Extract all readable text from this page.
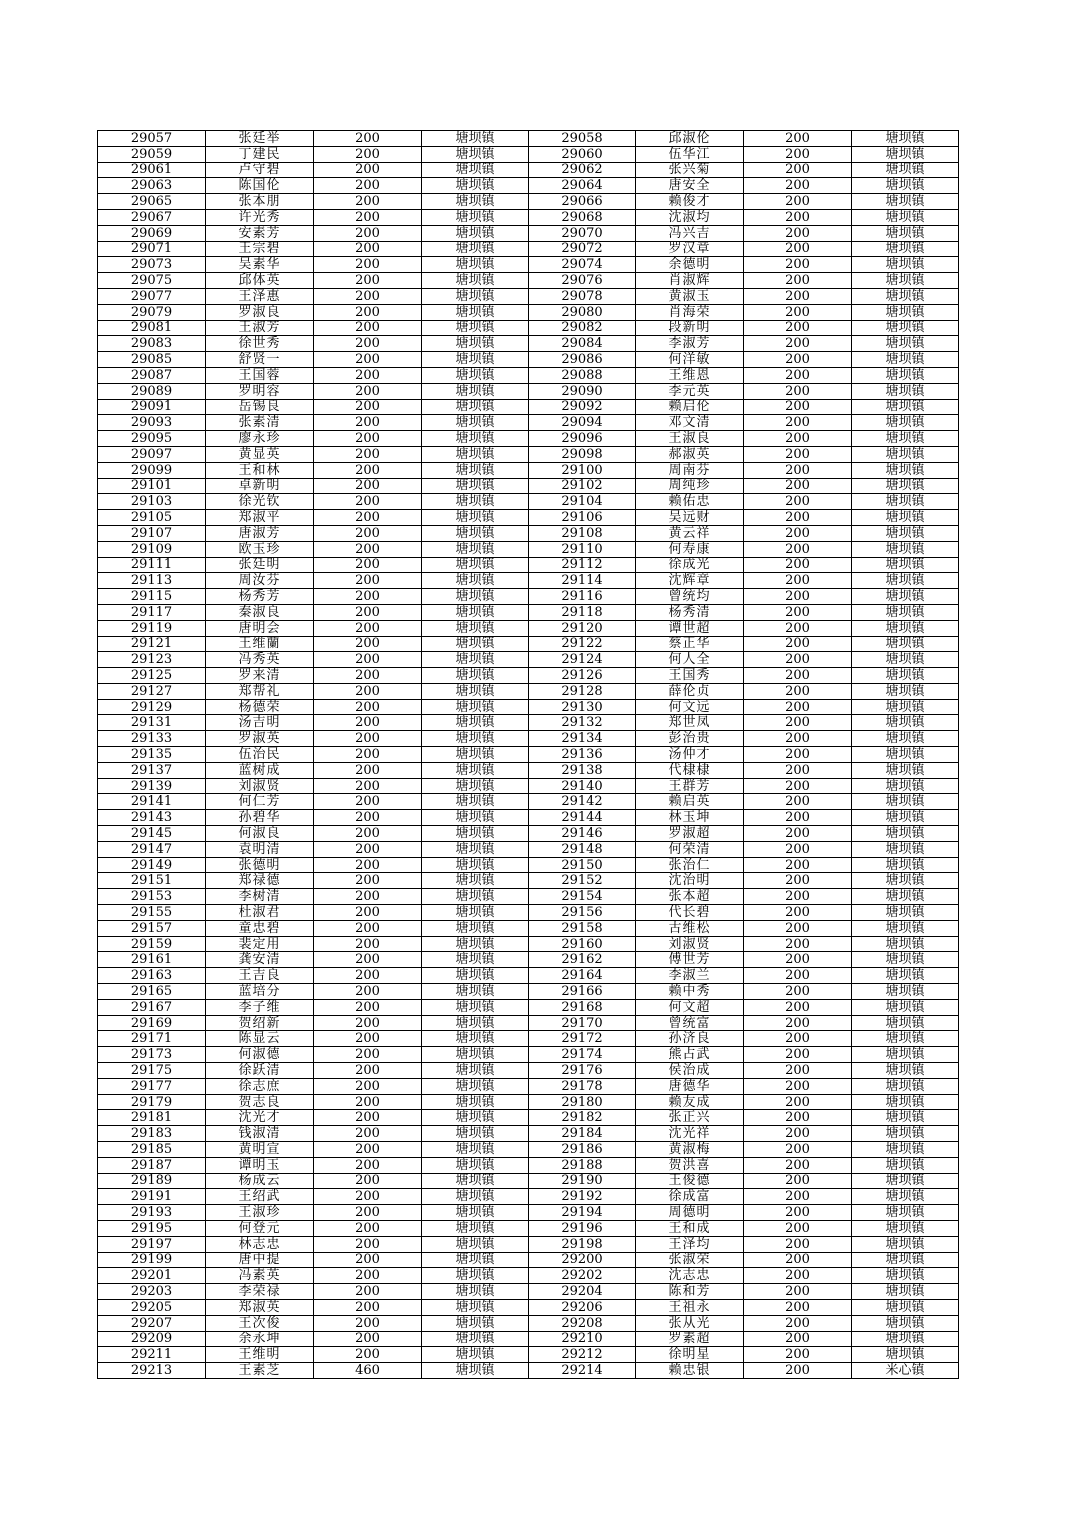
29057	张廷举	200	塘坝镇	29058	邱淑伦	200	塘坝镇
29059	丁建民	200	塘坝镇	29060	伍华江	200	塘坝镇
29061	卢守碧	200	塘坝镇	29062	张兴菊	200	塘坝镇
29063	陈国伦	200	塘坝镇	29064	唐安全	200	塘坝镇
29065	张本朋	200	塘坝镇	29066	赖俊才	200	塘坝镇
29067	许光秀	200	塘坝镇	29068	沈淑均	200	塘坝镇
29069	安素芳	200	塘坝镇	29070	冯兴吉	200	塘坝镇
29071	王宗碧	200	塘坝镇	29072	罗汉章	200	塘坝镇
29073	吴素华	200	塘坝镇	29074	余德明	200	塘坝镇
29075	邱体英	200	塘坝镇	29076	肖淑辉	200	塘坝镇
29077	王泽惠	200	塘坝镇	29078	黄淑玉	200	塘坝镇
29079	罗淑良	200	塘坝镇	29080	肖海荣	200	塘坝镇
29081	王淑芳	200	塘坝镇	29082	段新明	200	塘坝镇
29083	徐世秀	200	塘坝镇	29084	李淑芳	200	塘坝镇
29085	舒贤一	200	塘坝镇	29086	何洋敏	200	塘坝镇
29087	王国蓉	200	塘坝镇	29088	王维恩	200	塘坝镇
29089	罗明容	200	塘坝镇	29090	李元英	200	塘坝镇
29091	岳锡良	200	塘坝镇	29092	赖启伦	200	塘坝镇
29093	张素清	200	塘坝镇	29094	邓文清	200	塘坝镇
29095	廖永珍	200	塘坝镇	29096	王淑良	200	塘坝镇
29097	黄显英	200	塘坝镇	29098	郝淑英	200	塘坝镇
29099	王和林	200	塘坝镇	29100	周南芬	200	塘坝镇
29101	卓新明	200	塘坝镇	29102	周纯珍	200	塘坝镇
29103	徐光钦	200	塘坝镇	29104	赖佑忠	200	塘坝镇
29105	郑淑平	200	塘坝镇	29106	吴远财	200	塘坝镇
29107	唐淑芳	200	塘坝镇	29108	黄云祥	200	塘坝镇
29109	欧玉珍	200	塘坝镇	29110	何寿康	200	塘坝镇
29111	张廷明	200	塘坝镇	29112	徐成光	200	塘坝镇
29113	周汝芬	200	塘坝镇	29114	沈辉章	200	塘坝镇
29115	杨秀芳	200	塘坝镇	29116	曾统均	200	塘坝镇
29117	秦淑良	200	塘坝镇	29118	杨秀清	200	塘坝镇
29119	唐明会	200	塘坝镇	29120	谭世超	200	塘坝镇
29121	王维蘭	200	塘坝镇	29122	蔡正华	200	塘坝镇
29123	冯秀英	200	塘坝镇	29124	何人全	200	塘坝镇
29125	罗来清	200	塘坝镇	29126	王国秀	200	塘坝镇
29127	郑帮礼	200	塘坝镇	29128	薛伦贞	200	塘坝镇
29129	杨德荣	200	塘坝镇	29130	何文远	200	塘坝镇
29131	汤吉明	200	塘坝镇	29132	郑世凤	200	塘坝镇
29133	罗淑英	200	塘坝镇	29134	彭治贵	200	塘坝镇
29135	伍治民	200	塘坝镇	29136	汤仲才	200	塘坝镇
29137	蓝树成	200	塘坝镇	29138	代棣棣	200	塘坝镇
29139	刘淑贤	200	塘坝镇	29140	王群芳	200	塘坝镇
29141	何仁芳	200	塘坝镇	29142	赖启英	200	塘坝镇
29143	孙碧华	200	塘坝镇	29144	林玉坤	200	塘坝镇
29145	何淑良	200	塘坝镇	29146	罗淑超	200	塘坝镇
29147	袁明清	200	塘坝镇	29148	何荣清	200	塘坝镇
29149	张德明	200	塘坝镇	29150	张治仁	200	塘坝镇
29151	郑禄德	200	塘坝镇	29152	沈治明	200	塘坝镇
29153	李树清	200	塘坝镇	29154	张本超	200	塘坝镇
29155	杜淑君	200	塘坝镇	29156	代长碧	200	塘坝镇
29157	童忠碧	200	塘坝镇	29158	古维松	200	塘坝镇
29159	裴定用	200	塘坝镇	29160	刘淑贤	200	塘坝镇
29161	龚安清	200	塘坝镇	29162	傅世芳	200	塘坝镇
29163	王吉良	200	塘坝镇	29164	李淑兰	200	塘坝镇
29165	蓝培分	200	塘坝镇	29166	赖中秀	200	塘坝镇
29167	李子维	200	塘坝镇	29168	何文超	200	塘坝镇
29169	贺绍新	200	塘坝镇	29170	曾统富	200	塘坝镇
29171	陈显云	200	塘坝镇	29172	孙济良	200	塘坝镇
29173	何淑德	200	塘坝镇	29174	熊占武	200	塘坝镇
29175	徐跃清	200	塘坝镇	29176	侯治成	200	塘坝镇
29177	徐志庶	200	塘坝镇	29178	唐德华	200	塘坝镇
29179	贺志良	200	塘坝镇	29180	赖友成	200	塘坝镇
29181	沈光才	200	塘坝镇	29182	张正兴	200	塘坝镇
29183	钱淑清	200	塘坝镇	29184	沈光祥	200	塘坝镇
29185	黄明宣	200	塘坝镇	29186	黄淑梅	200	塘坝镇
29187	谭明玉	200	塘坝镇	29188	贺洪喜	200	塘坝镇
29189	杨成云	200	塘坝镇	29190	王俊德	200	塘坝镇
29191	王绍武	200	塘坝镇	29192	徐成富	200	塘坝镇
29193	王淑珍	200	塘坝镇	29194	周德明	200	塘坝镇
29195	何登元	200	塘坝镇	29196	王和成	200	塘坝镇
29197	林志忠	200	塘坝镇	29198	王泽均	200	塘坝镇
29199	唐中提	200	塘坝镇	29200	张淑荣	200	塘坝镇
29201	冯素英	200	塘坝镇	29202	沈志忠	200	塘坝镇
29203	李荣禄	200	塘坝镇	29204	陈和芳	200	塘坝镇
29205	郑淑英	200	塘坝镇	29206	王祖永	200	塘坝镇
29207	王次俊	200	塘坝镇	29208	张从光	200	塘坝镇
29209	余永坤	200	塘坝镇	29210	罗素超	200	塘坝镇
29211	王维明	200	塘坝镇	29212	徐明星	200	塘坝镇
29213	王素芝	460	塘坝镇	29214	赖忠银	200	米心镇
